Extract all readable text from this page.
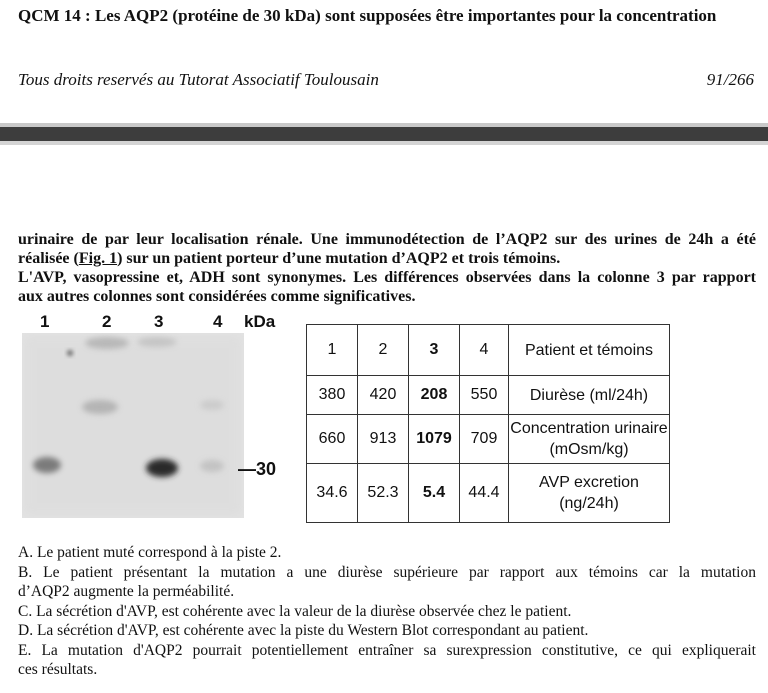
QCM 14 : Les AQP2 (protéine de 30 kDa) sont supposées être importantes pour la concentration
Tous droits reservés au Tutorat Associatif Toulousain	91/266
urinaire de par leur localisation rénale. Une immunodétection de l’AQP2 sur des urines de 24h a été
réalisée (Fig. 1) sur un patient porteur d’une mutation d’AQP2 et trois témoins.
L'AVP, vasopressine et, ADH sont synonymes. Les différences observées dans la colonne 3 par rapport
aux autres colonnes sont considérées comme significatives.
1	2	3	4 kDa
—30
1	2	3	4	Patient et témoins
380	420	208	550	Diurèse (ml/24h)
660	913	1079	709	Concentration urinaire (mOsm/kg)
34.6	52.3	5.4	44.4	AVP excretion (ng/24h)
A. Le patient muté correspond à la piste 2.
B. Le patient présentant la mutation a une diurèse supérieure par rapport aux témoins car la mutation
d’AQP2 augmente la perméabilité.
C. La sécrétion d'AVP, est cohérente avec la valeur de la diurèse observée chez le patient.
D. La sécrétion d'AVP, est cohérente avec la piste du Western Blot correspondant au patient.
E. La mutation d'AQP2 pourrait potentiellement entraîner sa surexpression constitutive, ce qui expliquerait
ces résultats.
